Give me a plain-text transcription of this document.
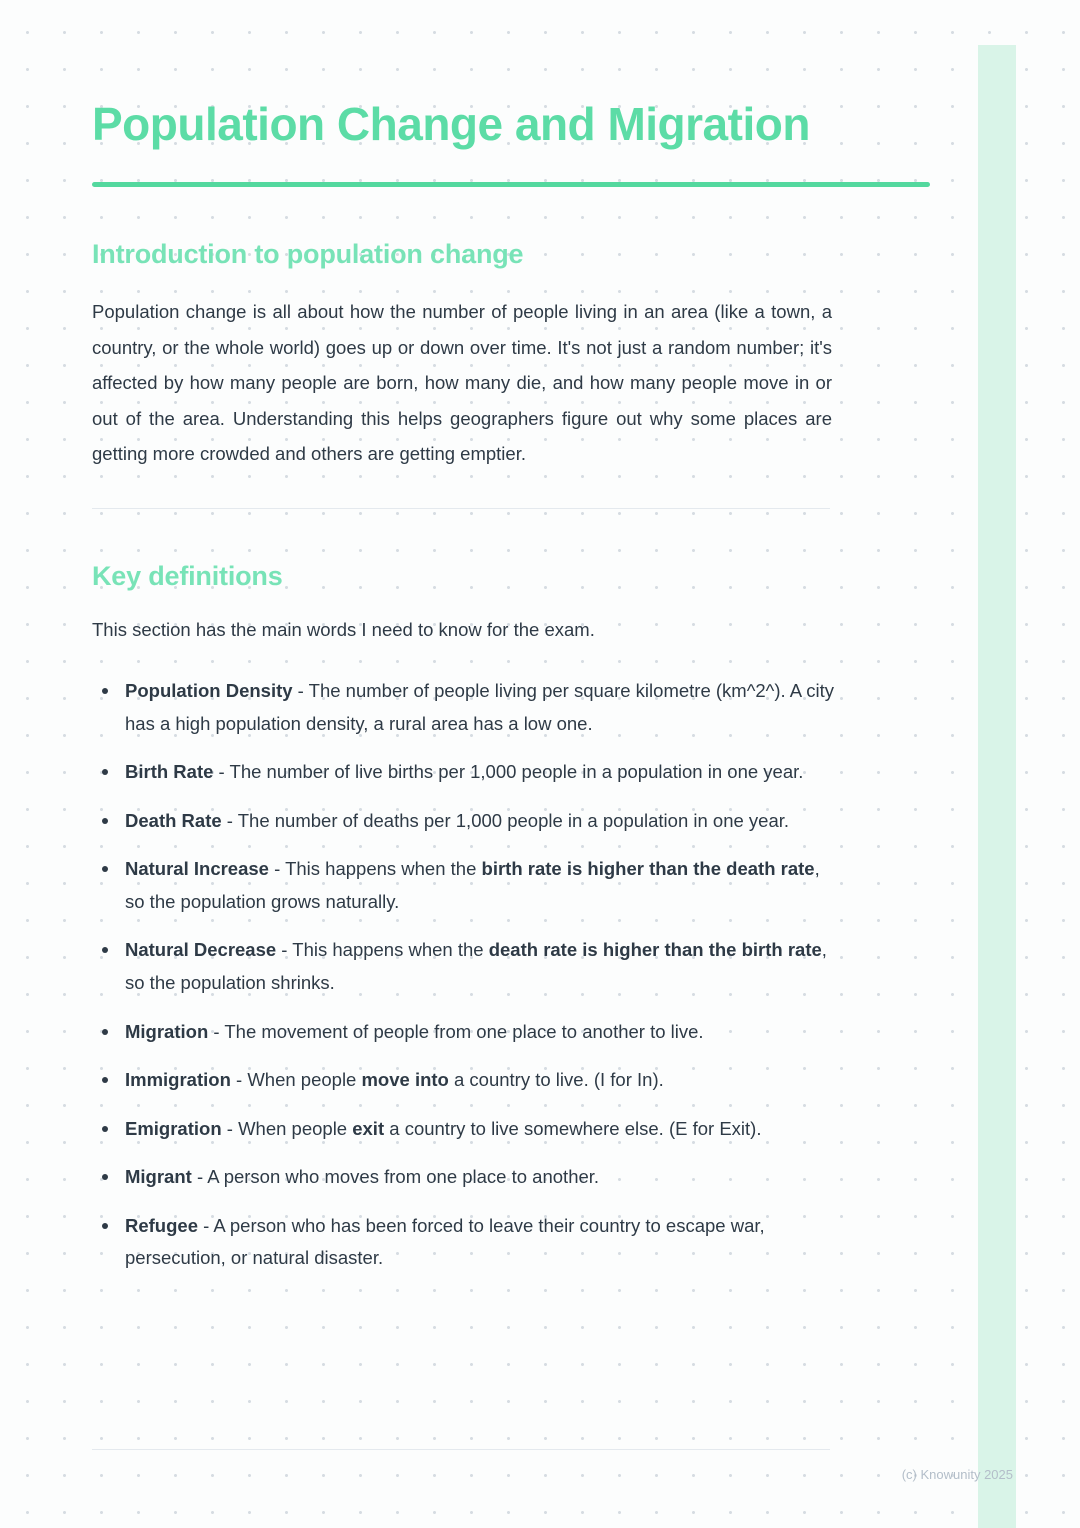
Population Change and Migration
Introduction to population change

Population change is all about how the number of people living in an area (like a town, a country, or the whole world) goes up or down over time. It's not just a random number; it's affected by how many people are born, how many die, and how many people move in or out of the area. Understanding this helps geographers figure out why some places are getting more crowded and others are getting emptier.

Key definitions

This section has the main words I need to know for the exam.

Population Density - The number of people living per square kilometre (km^2^). A city has a high population density, a rural area has a low one.
Birth Rate - The number of live births per 1,000 people in a population in one year.
Death Rate - The number of deaths per 1,000 people in a population in one year.
Natural Increase - This happens when the birth rate is higher than the death rate, so the population grows naturally.
Natural Decrease - This happens when the death rate is higher than the birth rate, so the population shrinks.
Migration - The movement of people from one place to another to live.
Immigration - When people move into a country to live. (I for In).
Emigration - When people exit a country to live somewhere else. (E for Exit).
Migrant - A person who moves from one place to another.
Refugee - A person who has been forced to leave their country to escape war, persecution, or natural disaster.
(c) Knowunity 2025
